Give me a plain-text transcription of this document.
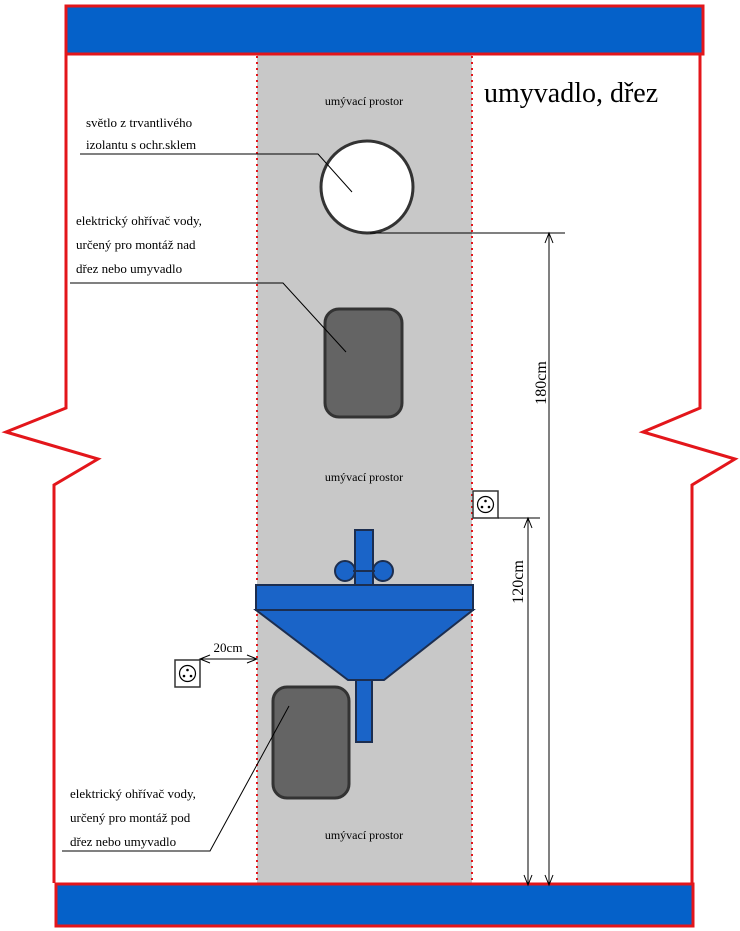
umývací prostor
umývací prostor
umývací prostor
umyvadlo, dřez
světlo z trvantlivého
izolantu s ochr.sklem
180cm
elektrický ohřívač vody,
určený pro montáž nad
dřez nebo umyvadlo
120cm
20cm
elektrický ohřívač vody,
určený pro montáž pod
dřez nebo umyvadlo
